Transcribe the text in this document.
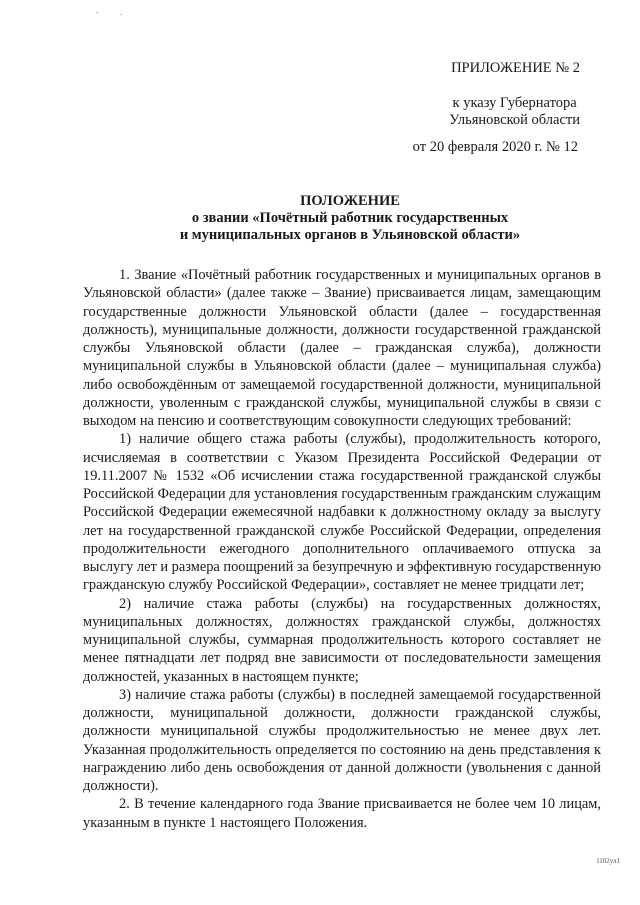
ПРИЛОЖЕНИЕ № 2
к указу Губернатора
Ульяновской области
от 20 февраля 2020 г. № 12
ПОЛОЖЕНИЕ
о звании «Почётный работник государственных
и муниципальных органов в Ульяновской области»

1. Звание «Почётный работник государственных и муниципальных органов в Ульяновской области» (далее также – Звание) присваивается лицам, замещающим государственные должности Ульяновской области (далее – государственная должность), муниципальные должности, должности государственной гражданской службы Ульяновской области (далее – гражданская служба), должности муниципальной службы в Ульяновской области (далее – муниципальная служба) либо освобождённым от замещаемой государственной должности, муниципальной должности, уволенным с гражданской службы, муниципальной службы в связи с выходом на пенсию и соответствующим совокупности следующих требований:

1) наличие общего стажа работы (службы), продолжительность которого, исчисляемая в соответствии с Указом Президента Российской Федерации от 19.11.2007 № 1532 «Об исчислении стажа государственной гражданской службы Российской Федерации для установления государственным гражданским служащим Российской Федерации ежемесячной надбавки к должностному окладу за выслугу лет на государственной гражданской службе Российской Федерации, определения продолжительности ежегодного дополнительного оплачиваемого отпуска за выслугу лет и размера поощрений за безупречную и эффективную государственную гражданскую службу Российской Федерации», составляет не менее тридцати лет;

2) наличие стажа работы (службы) на государственных должностях, муниципальных должностях, должностях гражданской службы, должностях муниципальной службы, суммарная продолжительность которого составляет не менее пятнадцати лет подряд вне зависимости от последовательности замещения должностей, указанных в настоящем пункте;

3) наличие стажа работы (службы) в последней замещаемой государственной должности, муниципальной должности, должности гражданской службы, должности муниципальной службы продолжительностью не менее двух лет. Указанная продолжительность определяется по состоянию на день представления к награждению либо день освобождения от данной должности (увольнения с данной должности).

2. В течение календарного года Звание присваивается не более чем 10 лицам, указанным в пункте 1 настоящего Положения.

1102ул1
